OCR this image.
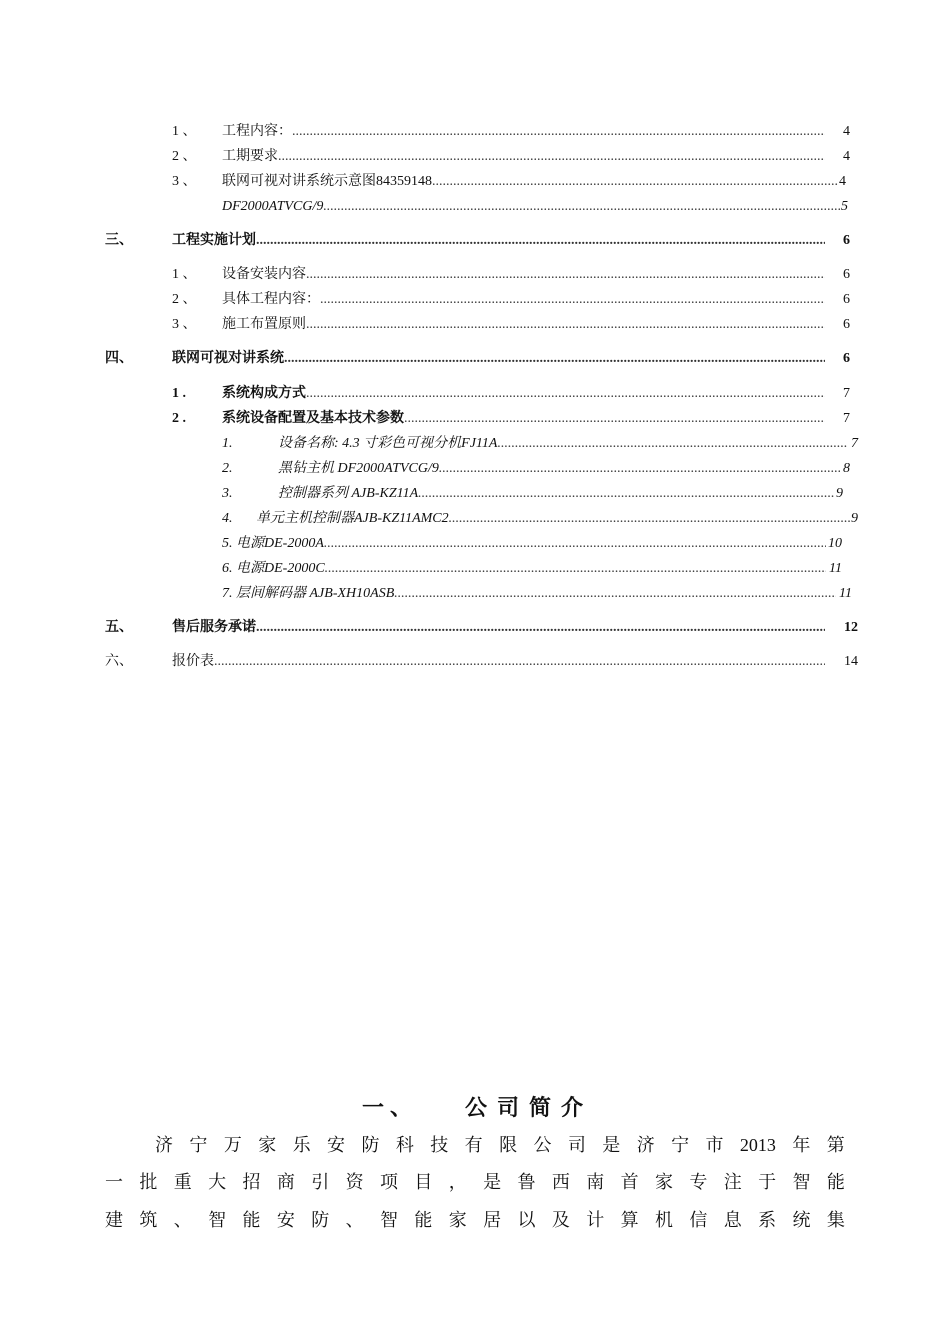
1 、 工程内容： .....	4
2 、 工期要求 .....	4
3 、 联网可视对讲系统示意图84359148 .....	4
DF2000ATVCG/9 .....	5
三、	工程实施计划 .....	6
1 、 设备安装内容 .....	6
2 、 具体工程内容： .....	6
3 、 施工布置原则 .....	6
四、	联网可视对讲系统 .....	6
1 .	系统构成方式 .....	7
2 .	系统设备配置及基本技术参数 .....	7
1.	设备名称: 4.3 寸彩色可视分机FJ11A .....	7
2.	黑钻主机 DF2000ATVCG/9 .....	8
3.	控制器系列 AJB-KZ11A .....	9
4. 单元主机控制器AJB-KZ11AMC2 .....	9
5. 电源DE-2000A .....	10
6. 电源DE-2000C .....	11
7. 层间解码器 AJB-XH10ASB .....	11
五、	售后服务承诺 .....	12
六、	报价表 .....	14
一、 公司简介
济 宁 万 家 乐 安 防 科 技 有 限 公 司 是 济 宁 市 2013 年 第
一 批 重 大 招 商 引 资 项 目 ， 是 鲁 西 南 首 家 专 注 于 智 能
建 筑 、 智 能 安 防 、 智 能 家 居 以 及 计 算 机 信 息 系 统 集
